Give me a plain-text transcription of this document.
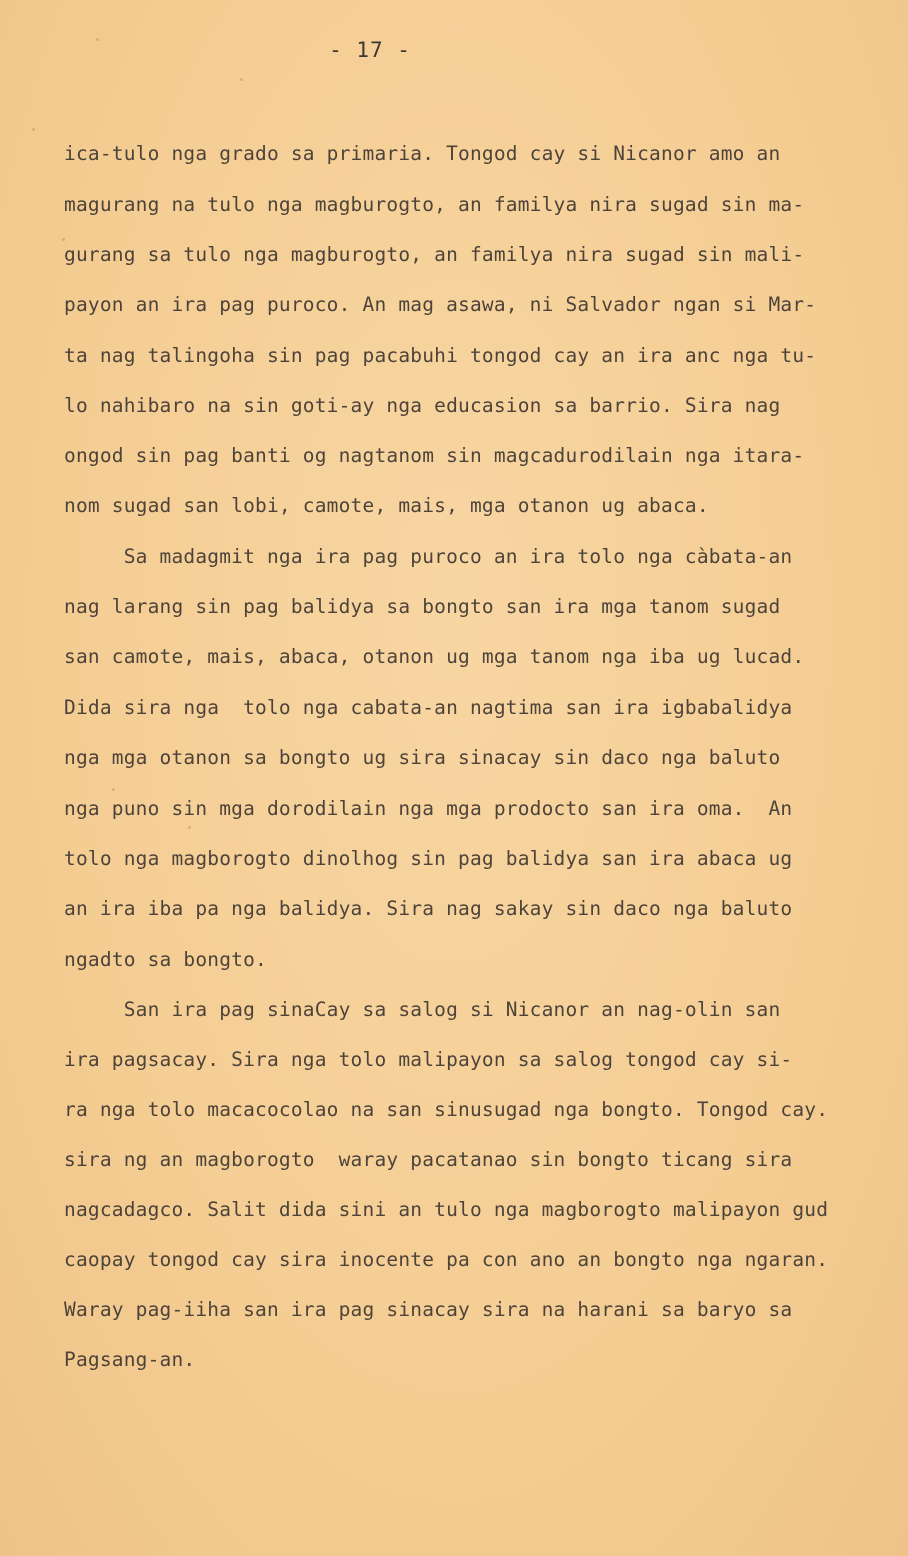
- 17 -
ica-tulo nga grado sa primaria. Tongod cay si Nicanor amo an
magurang na tulo nga magburogto, an familya nira sugad sin ma-
gurang sa tulo nga magburogto, an familya nira sugad sin mali-
payon an ira pag puroco. An mag asawa, ni Salvador ngan si Mar-
ta nag talingoha sin pag pacabuhi tongod cay an ira anc nga tu-
lo nahibaro na sin goti-ay nga educasion sa barrio. Sira nag
ongod sin pag banti og nagtanom sin magcadurodilain nga itara-
nom sugad san lobi, camote, mais, mga otanon ug abaca.
Sa madagmit nga ira pag puroco an ira tolo nga càbata-an
nag larang sin pag balidya sa bongto san ira mga tanom sugad
san camote, mais, abaca, otanon ug mga tanom nga iba ug lucad.
Dida sira nga  tolo nga cabata-an nagtima san ira igbabalidya
nga mga otanon sa bongto ug sira sinacay sin daco nga baluto
nga puno sin mga dorodilain nga mga prodocto san ira oma.  An
tolo nga magborogto dinolhog sin pag balidya san ira abaca ug
an ira iba pa nga balidya. Sira nag sakay sin daco nga baluto
ngadto sa bongto.
San ira pag sinaCay sa salog si Nicanor an nag-olin san
ira pagsacay. Sira nga tolo malipayon sa salog tongod cay si-
ra nga tolo macacocolao na san sinusugad nga bongto. Tongod cay.
sira ng an magborogto  waray pacatanao sin bongto ticang sira
nagcadagco. Salit dida sini an tulo nga magborogto malipayon gud
caopay tongod cay sira inocente pa con ano an bongto nga ngaran.
Waray pag-iiha san ira pag sinacay sira na harani sa baryo sa
Pagsang-an.
